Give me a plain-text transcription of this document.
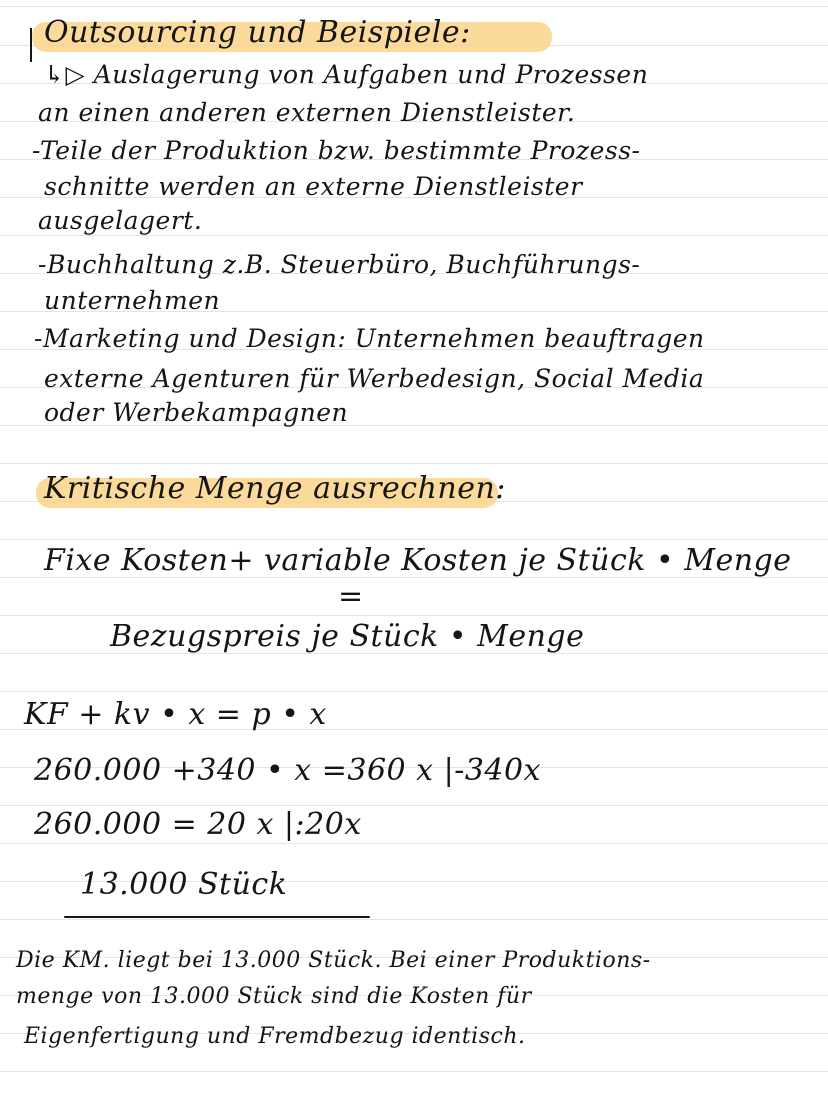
Outsourcing und Beispiele:
↳▷ Auslagerung von Aufgaben und Prozessen
an einen anderen externen Dienstleister.
-Teile der Produktion bzw. bestimmte Prozess-
schnitte werden an externe Dienstleister
ausgelagert.
-Buchhaltung z.B. Steuerbüro, Buchführungs-
unternehmen
-Marketing und Design: Unternehmen beauftragen
externe Agenturen für Werbedesign, Social Media
oder Werbekampagnen
Kritische Menge ausrechnen:
Fixe Kosten+ variable Kosten je Stück • Menge
=
Bezugspreis je Stück • Menge
KF + kv • x = p • x
260.000 +340 • x =360 x |-340x
260.000 = 20 x |:20x
13.000 Stück
Die KM. liegt bei 13.000 Stück. Bei einer Produktions-
menge von 13.000 Stück sind die Kosten für
Eigenfertigung und Fremdbezug identisch.
